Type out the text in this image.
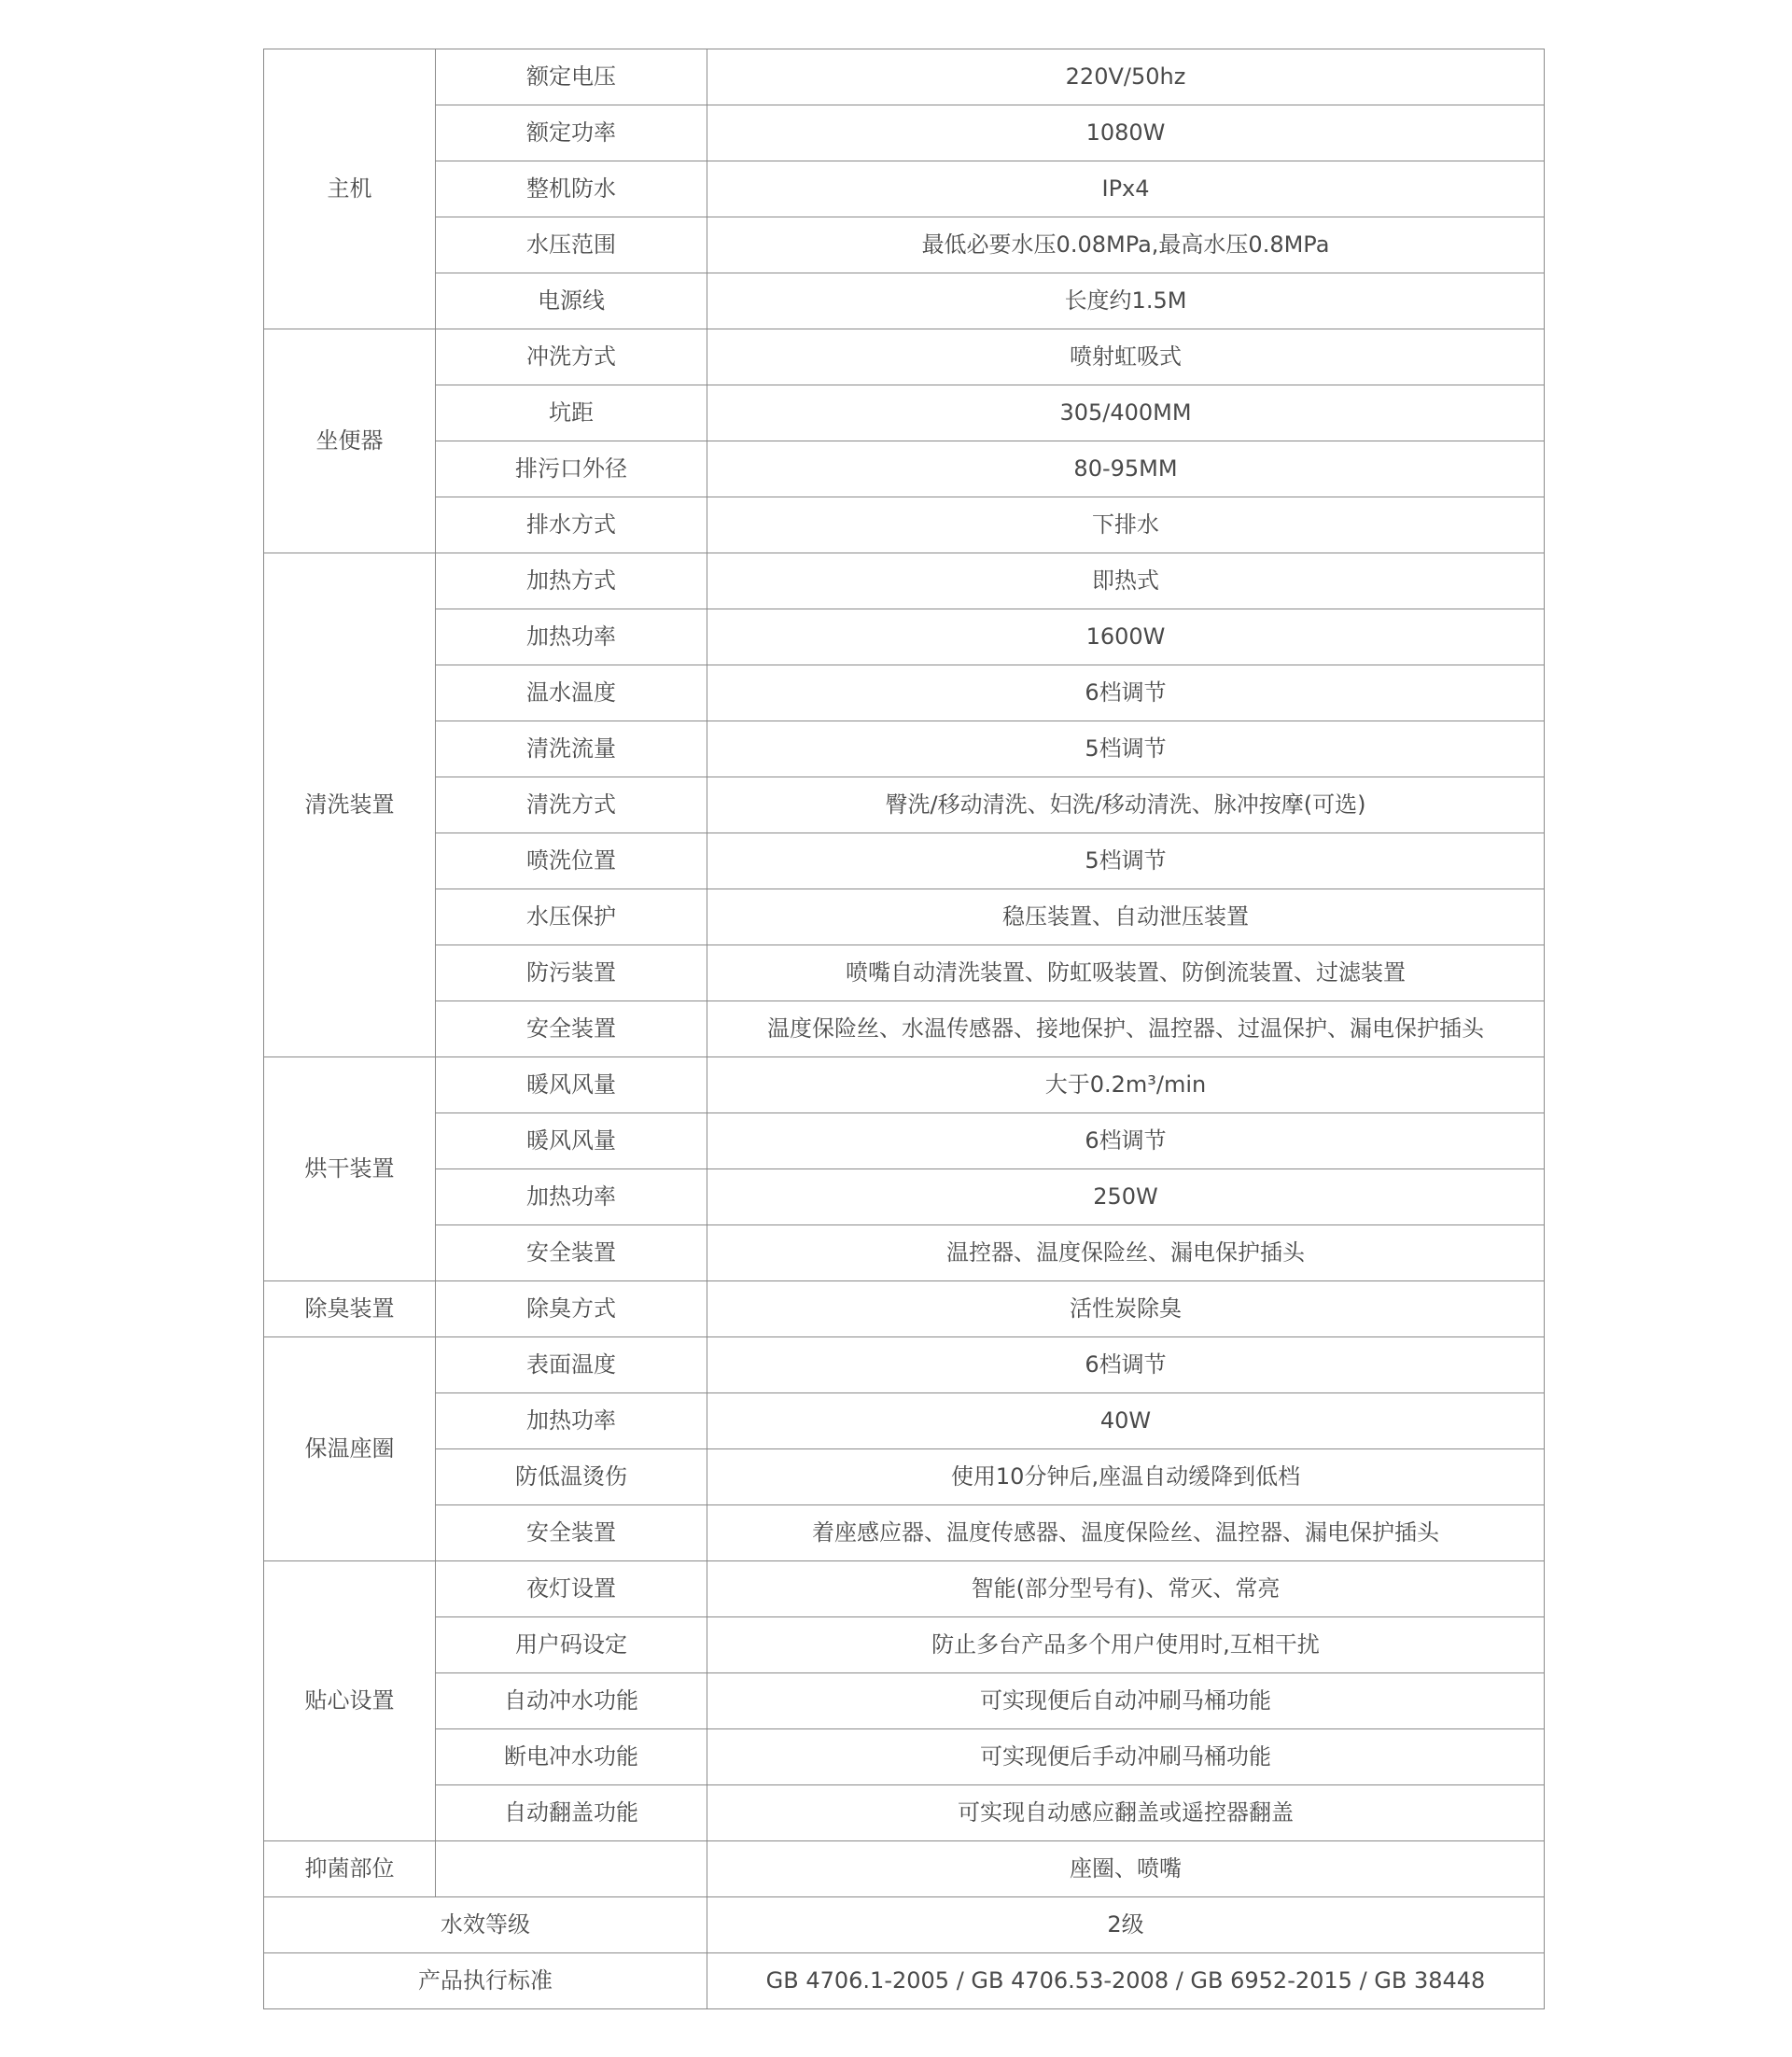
主机	额定电压	220V/50hz
	额定功率	1080W
	整机防水	IPx4
	水压范围	最低必要水压0.08MPa,最高水压0.8MPa
	电源线	长度约1.5M
坐便器	冲洗方式	喷射虹吸式
	坑距	305/400MM
	排污口外径	80-95MM
	排水方式	下排水
清洗装置	加热方式	即热式
	加热功率	1600W
	温水温度	6档调节
	清洗流量	5档调节
	清洗方式	臀洗/移动清洗、妇洗/移动清洗、脉冲按摩(可选)
	喷洗位置	5档调节
	水压保护	稳压装置、自动泄压装置
	防污装置	喷嘴自动清洗装置、防虹吸装置、防倒流装置、过滤装置
	安全装置	温度保险丝、水温传感器、接地保护、温控器、过温保护、漏电保护插头
烘干装置	暖风风量	大于0.2m³/min
	暖风风量	6档调节
	加热功率	250W
	安全装置	温控器、温度保险丝、漏电保护插头
除臭装置	除臭方式	活性炭除臭
保温座圈	表面温度	6档调节
	加热功率	40W
	防低温烫伤	使用10分钟后,座温自动缓降到低档
	安全装置	着座感应器、温度传感器、温度保险丝、温控器、漏电保护插头
贴心设置	夜灯设置	智能(部分型号有)、常灭、常亮
	用户码设定	防止多台产品多个用户使用时,互相干扰
	自动冲水功能	可实现便后自动冲刷马桶功能
	断电冲水功能	可实现便后手动冲刷马桶功能
	自动翻盖功能	可实现自动感应翻盖或遥控器翻盖
抑菌部位		座圈、喷嘴
水效等级		2级
产品执行标准		GB 4706.1-2005 / GB 4706.53-2008 / GB 6952-2015 / GB 38448
